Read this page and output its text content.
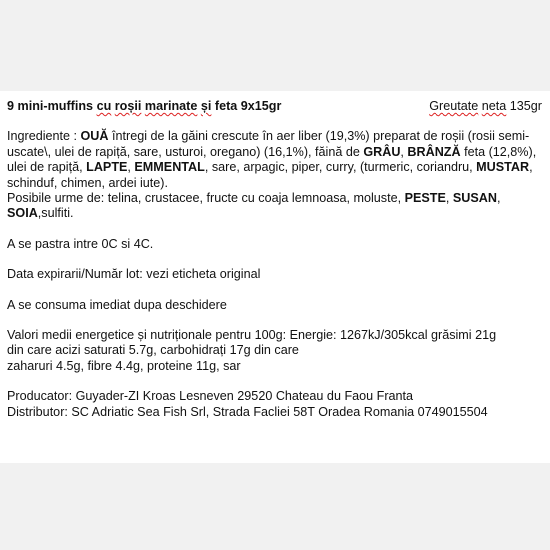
9 mini-muffins cu roșii marinate și feta 9x15gr	Greutate neta 135gr

Ingrediente : OUĂ întregi de la găini crescute în aer liber (19,3%) preparat de roșii (rosii semi-uscate\, ulei de rapiță, sare, usturoi, oregano) (16,1%), făină de GRÂU, BRÂNZĂ feta (12,8%), ulei de rapiță, LAPTE, EMMENTAL, sare, arpagic, piper, curry, (turmeric, coriandru, MUSTAR, schinduf, chimen, ardei iute).

Posibile urme de: telina, crustacee, fructe cu coaja lemnoasa, moluste, PESTE, SUSAN, SOIA,sulfiti.

A se pastra intre 0C si 4C.

Data expirarii/Număr lot: vezi eticheta original

A se consuma imediat dupa deschidere

Valori medii energetice și nutriționale pentru 100g: Energie: 1267kJ/305kcal grăsimi 21g

din care acizi saturati 5.7g, carbohidrați 17g din care

zaharuri 4.5g, fibre 4.4g, proteine 11g, sar

Producator: Guyader-ZI Kroas Lesneven 29520 Chateau du Faou Franta

Distributor: SC Adriatic Sea Fish Srl, Strada Facliei 58T Oradea Romania 0749015504
